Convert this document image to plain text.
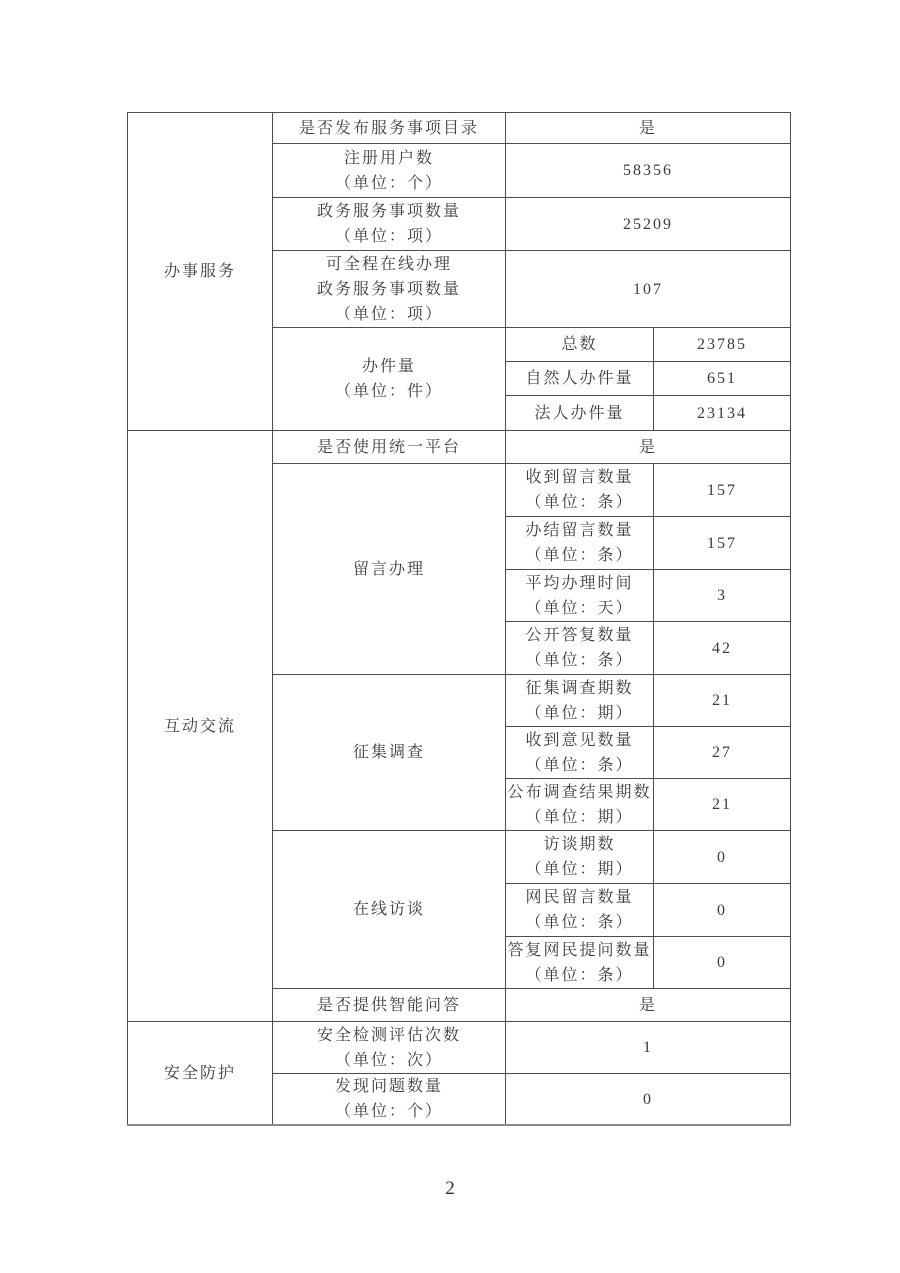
办事服务	是否发布服务事项目录	是	

	注册用户数
（单位：个）	58356	

	政务服务事项数量
（单位：项）	25209	

	可全程在线办理
政务服务事项数量
（单位：项）	107	

	办件量
（单位：件）	总数	23785

		自然人办件量	651

		法人办件量	23134

互动交流	是否使用统一平台	是	

	留言办理	收到留言数量
（单位：条）	157

		办结留言数量
（单位：条）	157

		平均办理时间
（单位：天）	3

		公开答复数量
（单位：条）	42

	征集调查	征集调查期数
（单位：期）	21

		收到意见数量
（单位：条）	27

		公布调查结果期数
（单位：期）	21

	在线访谈	访谈期数
（单位：期）	0

		网民留言数量
（单位：条）	0

		答复网民提问数量
（单位：条）	0

	是否提供智能问答	是	

安全防护	安全检测评估次数
（单位：次）	1	

	发现问题数量
（单位：个）	0	
2
